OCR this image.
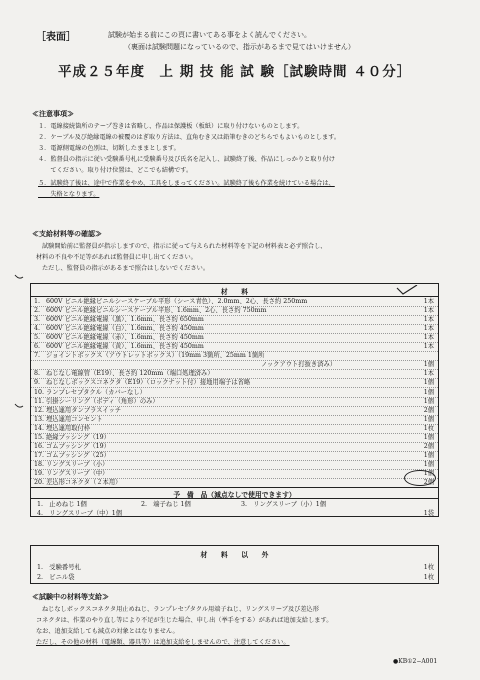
［表面］	試験が始まる前にこの頁に書いてある事をよく読んでください。
（裏面は試験問題になっているので、指示があるまで見てはいけません）
平成２５年度　上 期 技 能 試 験［試験時間 ４０分］
≪注意事項≫
１．電線接続箇所のテープ巻きは省略し、作品は保護板（板紙）に取り付けないものとします。
２．ケーブル及び絶縁電線の被覆のはぎ取り方法は、直角むき又は鉛筆むきのどちらでもよいものとします。
３．電源側電線の色別は、切断したままとします。
４．監督員の指示に従い受験番号札に受験番号及び氏名を記入し、試験終了後、作品にしっかりと取り付け
　　てください。取り付け位置は、どこでも結構です。
５．試験終了後は、途中で作業をやめ、工具をしまってください。試験終了後も作業を続けている場合は、
　　失格となります。
≪支給材料等の確認≫
試験開始前に監督員が指示しますので、指示に従って与えられた材料等を下記の材料表と必ず照合し、
材料の不良や不足等があれば監督員に申し出てください。
ただし、監督員の指示があるまで照合はしないでください。
材　　料
1. 600V ビニル絶縁ビニルシースケーブル平形（シース青色）、2.0mm、2心、長さ約 250mm	1本
2. 600V ビニル絶縁ビニルシースケーブル平形、1.6mm、2心、長さ約 750mm	1本
3. 600V ビニル絶縁電線（黒）、1.6mm、長さ約 650mm	1本
4. 600V ビニル絶縁電線（白）、1.6mm、長さ約 450mm	1本
5. 600V ビニル絶縁電線（赤）、1.6mm、長さ約 450mm	1本
6. 600V ビニル絶縁電線（黄）、1.6mm、長さ約 450mm	1本
7. ジョイントボックス（アウトレットボックス）（19mm 3箇所、25mm 1箇所
ノックアウト打抜き済み）	1個
8. ねじなし電線管（E19）、長さ約 120mm（端口処理済み）	1本
9. ねじなしボックスコネクタ（E19）（ロックナット付）接地用端子は省略	1個
10. ランプレセプタクル（カバーなし）	1個
11. 引掛シーリング（ボディ（角形）のみ）	1個
12. 埋込連用タンブラスイッチ	2個
13. 埋込連用コンセント	1個
14. 埋込連用取付枠	1枚
15. 絶縁ブッシング（19）	1個
16. ゴムブッシング（19）	2個
17. ゴムブッシング（25）	1個
18. リングスリーブ（小）	1個
19. リングスリーブ（中）	1個
20. 差込形コネクタ（２本用）	2個
予　備　品（減点なしで使用できます）
1.　止めねじ 1個	2.　端子ねじ 1個	3.　リングスリーブ（小）1個
4.　リングスリーブ（中）1個	1袋
材　　料　　以　　外
1.　受験番号札	1枚
2.　ビニル袋	1枚
≪試験中の材料等支給≫
ねじなしボックスコネクタ用止めねじ、ランプレセプタクル用端子ねじ、リングスリーブ及び差込形
コネクタは、作業のやり直し等により不足が生じた場合、申し出（挙手をする）があれば追加支給します。
なお、追加支給しても減点の対象とはなりません。
ただし、その他の材料（電線類、器具等）は追加支給をしませんので、注意してください。
●KB①2−A001
